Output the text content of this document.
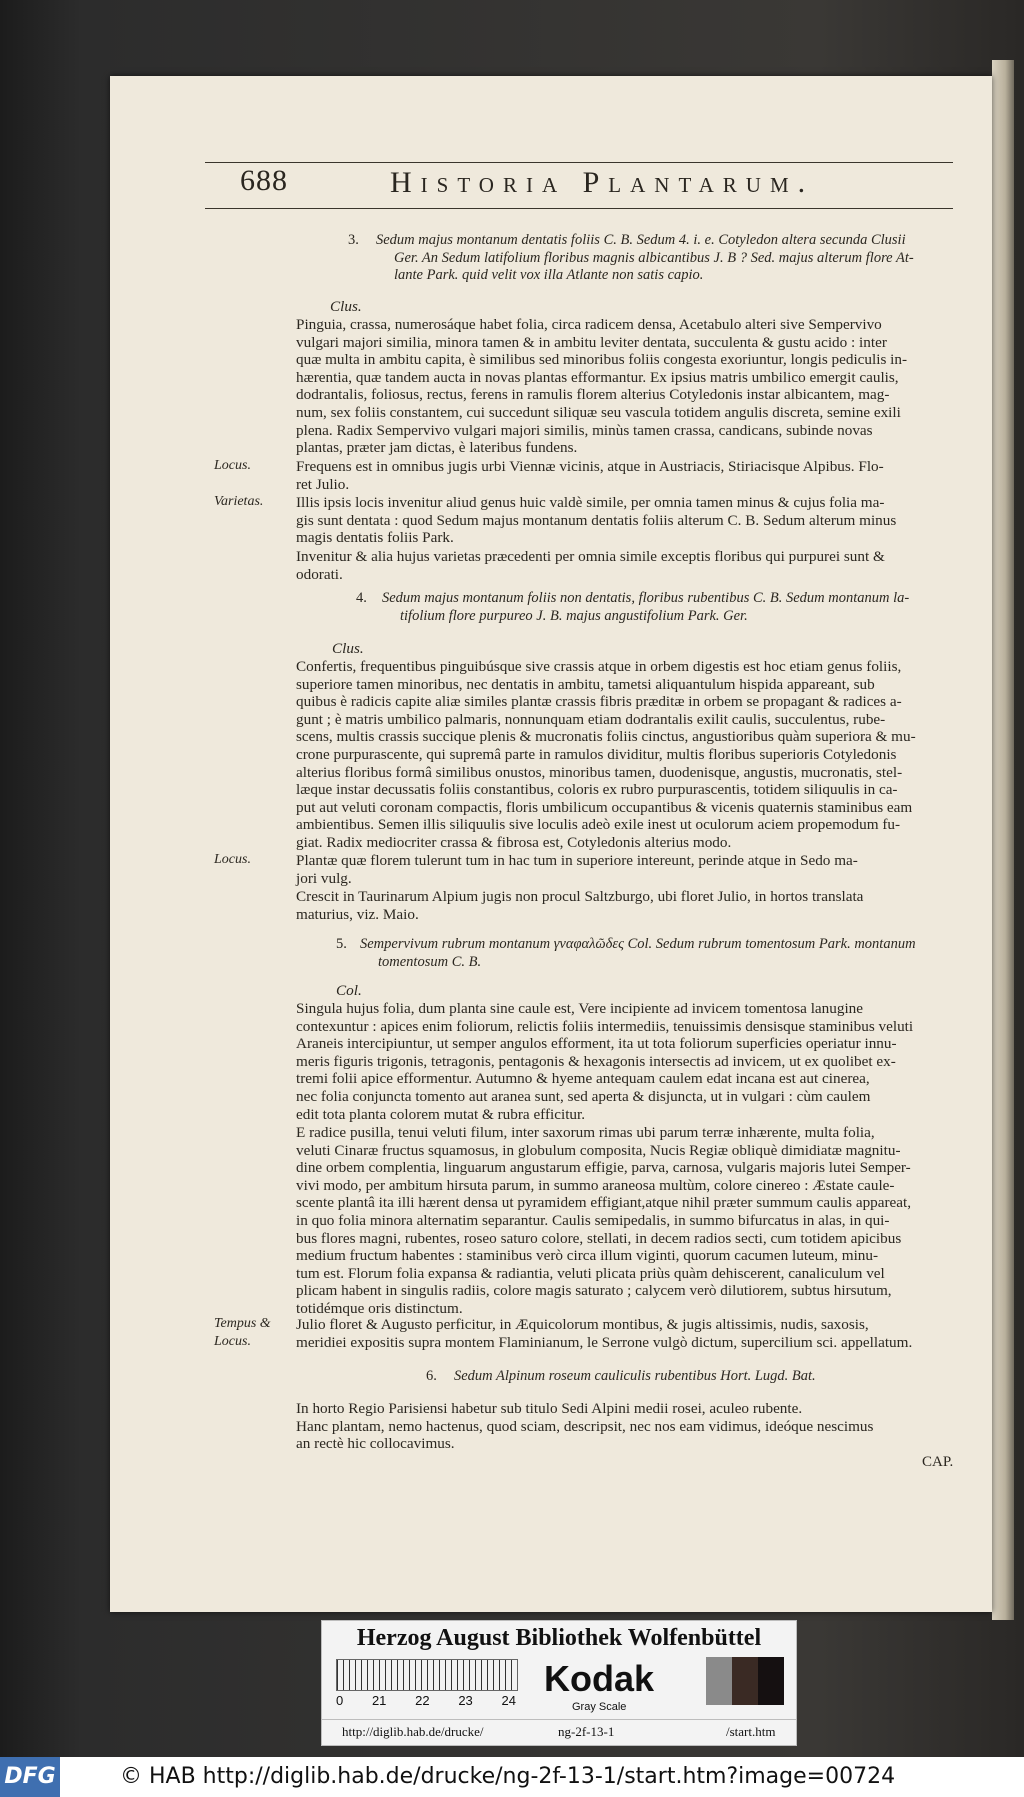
688	Historia Plantarum.
3. Sedum majus montanum dentatis foliis C. B. Sedum 4. i. e. Cotyledon altera secunda Clusii
Ger. An Sedum latifolium floribus magnis albicantibus J. B ? Sed. majus alterum flore At-
lante Park. quid velit vox illa Atlante non satis capio.
Clus.
Pinguia, crassa, numerosáque habet folia, circa radicem densa, Acetabulo alteri sive Sempervivo
vulgari majori similia, minora tamen & in ambitu leviter dentata, succulenta & gustu acido : inter
quæ multa in ambitu capita, è similibus sed minoribus foliis congesta exoriuntur, longis pediculis in-
hærentia, quæ tandem aucta in novas plantas efformantur. Ex ipsius matris umbilico emergit caulis,
dodrantalis, foliosus, rectus, ferens in ramulis florem alterius Cotyledonis instar albicantem, mag-
num, sex foliis constantem, cui succedunt siliquæ seu vascula totidem angulis discreta, semine exili
plena. Radix Sempervivo vulgari majori similis, minùs tamen crassa, candicans, subinde novas
plantas, præter jam dictas, è lateribus fundens.
Locus.	Frequens est in omnibus jugis urbi Viennæ vicinis, atque in Austriacis, Stiriacisque Alpibus. Flo-
ret Julio.
Varietas. Illis ipsis locis invenitur aliud genus huic valdè simile, per omnia tamen minus & cujus folia ma-
gis sunt dentata : quod Sedum majus montanum dentatis foliis alterum C. B. Sedum alterum minus
magis dentatis foliis Park.
Invenitur & alia hujus varietas præcedenti per omnia simile exceptis floribus qui purpurei sunt &
odorati.
4. Sedum majus montanum foliis non dentatis, floribus rubentibus C. B. Sedum montanum la-
tifolium flore purpureo J. B. majus angustifolium Park. Ger.
Clus.
Confertis, frequentibus pinguibúsque sive crassis atque in orbem digestis est hoc etiam genus foliis,
superiore tamen minoribus, nec dentatis in ambitu, tametsi aliquantulum hispida appareant, sub
quibus è radicis capite aliæ similes plantæ crassis fibris præditæ in orbem se propagant & radices a-
gunt ; è matris umbilico palmaris, nonnunquam etiam dodrantalis exilit caulis, succulentus, rube-
scens, multis crassis succique plenis & mucronatis foliis cinctus, angustioribus quàm superiora & mu-
crone purpurascente, qui supremâ parte in ramulos dividitur, multis floribus superioris Cotyledonis
alterius floribus formâ similibus onustos, minoribus tamen, duodenisque, angustis, mucronatis, stel-
læque instar decussatis foliis constantibus, coloris ex rubro purpurascentis, totidem siliquulis in ca-
put aut veluti coronam compactis, floris umbilicum occupantibus & vicenis quaternis staminibus eam
ambientibus. Semen illis siliquulis sive loculis adeò exile inest ut oculorum aciem propemodum fu-
giat. Radix mediocriter crassa & fibrosa est, Cotyledonis alterius modo.
Locus.	Plantæ quæ florem tulerunt tum in hac tum in superiore intereunt, perinde atque in Sedo ma-
jori vulg.
Crescit in Taurinarum Alpium jugis non procul Saltzburgo, ubi floret Julio, in hortos translata
maturius, viz. Maio.
5. Sempervivum rubrum montanum γναφαλῶδες Col. Sedum rubrum tomentosum Park. montanum
tomentosum C. B.
Col.
Singula hujus folia, dum planta sine caule est, Vere incipiente ad invicem tomentosa lanugine
contexuntur : apices enim foliorum, relictis foliis intermediis, tenuissimis densisque staminibus veluti
Araneis intercipiuntur, ut semper angulos efforment, ita ut tota foliorum superficies operiatur innu-
meris figuris trigonis, tetragonis, pentagonis & hexagonis intersectis ad invicem, ut ex quolibet ex-
tremi folii apice efformentur. Autumno & hyeme antequam caulem edat incana est aut cinerea,
nec folia conjuncta tomento aut aranea sunt, sed aperta & disjuncta, ut in vulgari : cùm caulem
edit tota planta colorem mutat & rubra efficitur.
E radice pusilla, tenui veluti filum, inter saxorum rimas ubi parum terræ inhærente, multa folia,
veluti Cinaræ fructus squamosus, in globulum composita, Nucis Regiæ obliquè dimidiatæ magnitu-
dine orbem complentia, linguarum angustarum effigie, parva, carnosa, vulgaris majoris lutei Semper-
vivi modo, per ambitum hirsuta parum, in summo araneosa multùm, colore cinereo : Æstate caule-
scente plantâ ita illi hærent densa ut pyramidem effigiant,atque nihil præter summum caulis appareat,
in quo folia minora alternatim separantur. Caulis semipedalis, in summo bifurcatus in alas, in qui-
bus flores magni, rubentes, roseo saturo colore, stellati, in decem radios secti, cum totidem apicibus
medium fructum habentes : staminibus verò circa illum viginti, quorum cacumen luteum, minu-
tum est. Florum folia expansa & radiantia, veluti plicata priùs quàm dehiscerent, canaliculum vel
plicam habent in singulis radiis, colore magis saturato ; calycem verò dilutiorem, subtus hirsutum,
totidémque oris distinctum.
Tempus &
Locus.
Julio floret & Augusto perficitur, in Æquicolorum montibus, & jugis altissimis, nudis, saxosis,
meridiei expositis supra montem Flaminianum, le Serrone vulgò dictum, supercilium sci. appellatum.
6. Sedum Alpinum roseum cauliculis rubentibus Hort. Lugd. Bat.
In horto Regio Parisiensi habetur sub titulo Sedi Alpini medii rosei, aculeo rubente.
Hanc plantam, nemo hactenus, quod sciam, descripsit, nec nos eam vidimus, ideóque nescimus
an rectè hic collocavimus.
CAP.
Herzog August Bibliothek Wolfenbüttel
0 21 22 23 24
Kodak
Gray Scale
http://diglib.hab.de/drucke/	ng-2f-13-1	/start.htm
DFG	© HAB http://diglib.hab.de/drucke/ng-2f-13-1/start.htm?image=00724
